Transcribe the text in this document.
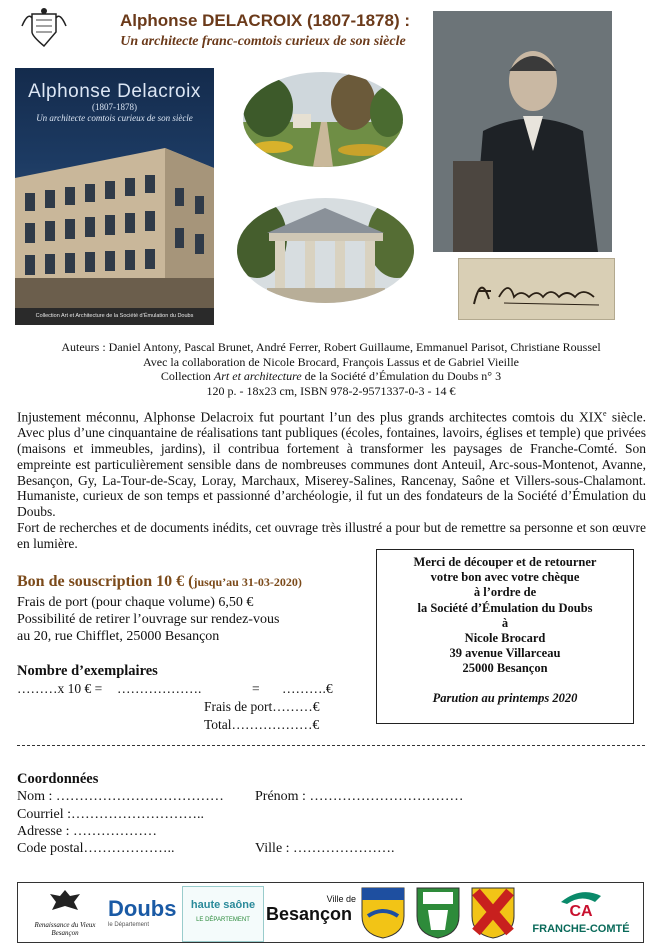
Alphonse DELACROIX (1807-1878) :
Un architecte franc-comtois curieux de son siècle
Alphonse Delacroix
(1807-1878)
Un architecte comtois curieux de son siècle
Collection Art et Architecture de la Société d’Émulation du Doubs
Auteurs : Daniel Antony, Pascal Brunet, André Ferrer, Robert Guillaume, Emmanuel Parisot, Christiane Roussel
Avec la collaboration de Nicole Brocard, François Lassus et de Gabriel Vieille
Collection Art et architecture de la Société d’Émulation du Doubs n° 3
120 p. - 18x23 cm, ISBN 978-2-9571337-0-3 - 14 €

Injustement méconnu, Alphonse Delacroix fut pourtant l’un des plus grands architectes comtois du XIXe siècle. Avec plus d’une cinquantaine de réalisations tant publiques (écoles, fontaines, lavoirs, églises et temple) que privées (maisons et immeubles, jardins), il contribua fortement à transformer les paysages de Franche-Comté. Son empreinte est particulièrement sensible dans de nombreuses communes dont Anteuil, Arc-sous-Montenot, Avanne, Besançon, Gy, La-Tour-de-Scay, Loray, Marchaux, Miserey-Salines, Rancenay, Saône et Villers-sous-Chalamont. Humaniste, curieux de son temps et passionné d’archéologie, il fut un des fondateurs de la Société d’Émulation du Doubs.

Fort de recherches et de documents inédits, cet ouvrage très illustré a pour but de remettre sa personne et son œuvre en lumière.

Bon de souscription 10 € (jusqu’au 31-03-2020)
Frais de port (pour chaque volume) 6,50 €
Possibilité de retirer l’ouvrage sur rendez-vous
au 20, rue Chifflet, 25000 Besançon
Merci de découper et de retourner
votre bon avec votre chèque
à l’ordre de
la Société d’Émulation du Doubs
à
Nicole Brocard
39 avenue Villarceau
25000 Besançon
Parution au printemps 2020
Nombre d’exemplaires
………x 10 € = ……………….	= ……….€
Frais de port………€
Total………………€
Coordonnées
Nom : ……………………………… Prénom : ……………………………
Courriel :………………………..
Adresse : ………………
Code postal………………..	Ville : ………………….
Renaissance du Vieux Besançon
Doubs
le Département
haute saône
LE DÉPARTEMENT
Ville de
Besançon	CA
FRANCHE-COMTÉ
